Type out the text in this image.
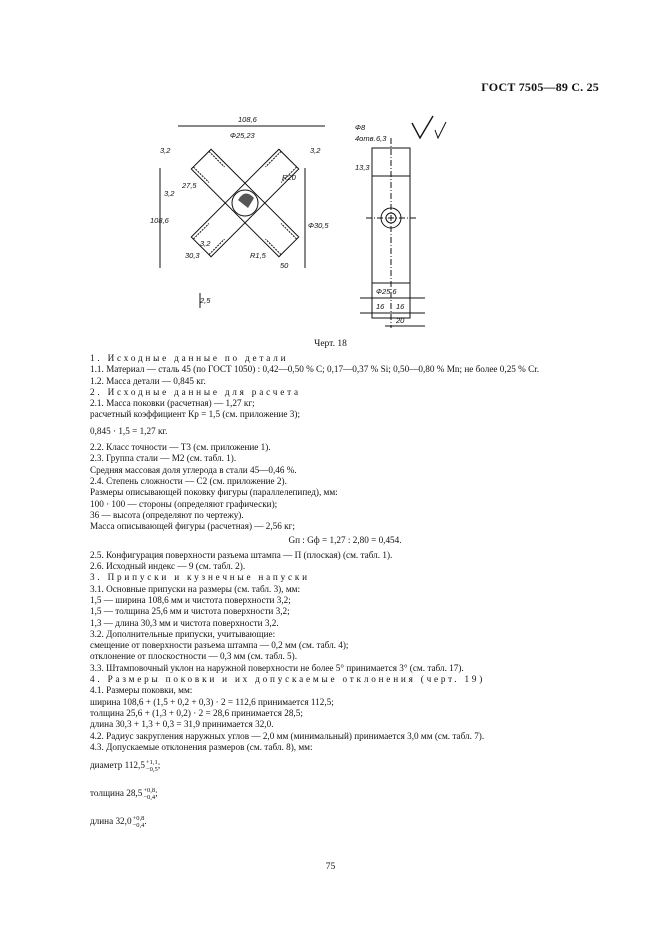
ГОСТ 7505—89 С. 25
108,6
Ф25,23
3,2	3,2
R20
27,5
3,2
108,6
Ф30,5
30,3
3,2
R1,5
50
2,5
Ф8
4отв. 6,3
13,3
Ф25,6
16 16
20
Черт. 18

1. Исходные данные по детали

1.1. Материал — сталь 45 (по ГОСТ 1050) : 0,42—0,50 % С; 0,17—0,37 % Si; 0,50—0,80 % Mn; не более 0,25 % Cr.

1.2. Масса детали — 0,845 кг.

2. Исходные данные для расчета

2.1. Масса поковки (расчетная) — 1,27 кг;

расчетный коэффициент Кр = 1,5 (см. приложение 3);

0,845 · 1,5 = 1,27 кг.

2.2. Класс точности — Т3 (см. приложение 1).

2.3. Группа стали — М2 (см. табл. 1).

Средняя массовая доля углерода в стали 45—0,46 %.

2.4. Степень сложности — С2 (см. приложение 2).

Размеры описывающей поковку фигуры (параллелепипед), мм:

100 · 100 — стороны (определяют графически);

36 — высота (определяют по чертежу).

Масса описывающей фигуры (расчетная) — 2,56 кг;

Gп : Gф = 1,27 : 2,80 = 0,454.

2.5. Конфигурация поверхности разъема штампа — П (плоская) (см. табл. 1).

2.6. Исходный индекс — 9 (см. табл. 2).

3. Припуски и кузнечные напуски

3.1. Основные припуски на размеры (см. табл. 3), мм:

1,5 — ширина 108,6 мм и чистота поверхности 3,2;

1,5 — толщина 25,6 мм и чистота поверхности 3,2;

1,3 — длина 30,3 мм и чистота поверхности 3,2.

3.2. Дополнительные припуски, учитывающие:

смещение от поверхности разъема штампа — 0,2 мм (см. табл. 4);

отклонение от плоскостности — 0,3 мм (см. табл. 5).

3.3. Штамповочный уклон на наружной поверхности не более 5° принимается 3° (см. табл. 17).

4. Размеры поковки и их допускаемые отклонения (черт. 19)

4.1. Размеры поковки, мм:

ширина 108,6 + (1,5 + 0,2 + 0,3) · 2 = 112,6 принимается 112,5;

толщина 25,6 + (1,3 + 0,2) · 2 = 28,6 принимается 28,5;

длина 30,3 + 1,3 + 0,3 = 31,9 принимается 32,0.

4.2. Радиус закругления наружных углов — 2,0 мм (минимальный) принимается 3,0 мм (см. табл. 7).

4.3. Допускаемые отклонения размеров (см. табл. 8), мм:

диаметр 112,5 +1,1
−0,5 ;

толщина 28,5 +0,8
−0,4 ;

длина 32,0 +0,8
−0,4 .

75
